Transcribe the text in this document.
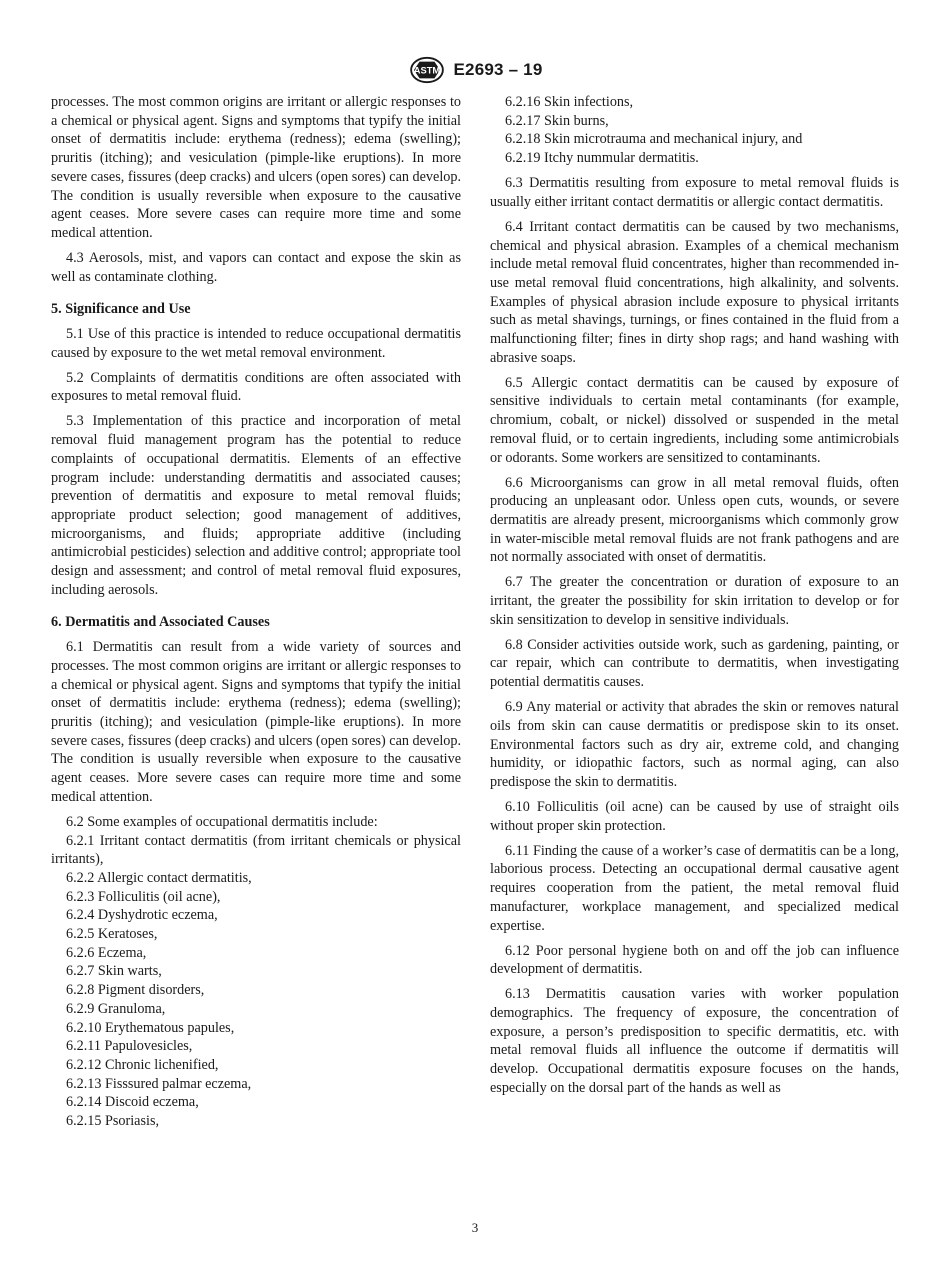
ASTM E2693 – 19

processes. The most common origins are irritant or allergic responses to a chemical or physical agent. Signs and symptoms that typify the initial onset of dermatitis include: erythema (redness); edema (swelling); pruritis (itching); and vesiculation (pimple-like eruptions). In more severe cases, fissures (deep cracks) and ulcers (open sores) can develop. The condition is usually reversible when exposure to the causative agent ceases. More severe cases can require more time and some medical attention.

4.3 Aerosols, mist, and vapors can contact and expose the skin as well as contaminate clothing.

5. Significance and Use

5.1 Use of this practice is intended to reduce occupational dermatitis caused by exposure to the wet metal removal environment.

5.2 Complaints of dermatitis conditions are often associated with exposures to metal removal fluid.

5.3 Implementation of this practice and incorporation of metal removal fluid management program has the potential to reduce complaints of occupational dermatitis. Elements of an effective program include: understanding dermatitis and associated causes; prevention of dermatitis and exposure to metal removal fluids; appropriate product selection; good management of additives, microorganisms, and fluids; appropriate additive (including antimicrobial pesticides) selection and additive control; appropriate tool design and assessment; and control of metal removal fluid exposures, including aerosols.

6. Dermatitis and Associated Causes

6.1 Dermatitis can result from a wide variety of sources and processes. The most common origins are irritant or allergic responses to a chemical or physical agent. Signs and symptoms that typify the initial onset of dermatitis include: erythema (redness); edema (swelling); pruritis (itching); and vesiculation (pimple-like eruptions). In more severe cases, fissures (deep cracks) and ulcers (open sores) can develop. The condition is usually reversible when exposure to the causative agent ceases. More severe cases can require more time and some medical attention.

6.2 Some examples of occupational dermatitis include:
6.2.1 Irritant contact dermatitis (from irritant chemicals or physical irritants),
6.2.2 Allergic contact dermatitis,
6.2.3 Folliculitis (oil acne),
6.2.4 Dyshydrotic eczema,
6.2.5 Keratoses,
6.2.6 Eczema,
6.2.7 Skin warts,
6.2.8 Pigment disorders,
6.2.9 Granuloma,
6.2.10 Erythematous papules,
6.2.11 Papulovesicles,
6.2.12 Chronic lichenified,
6.2.13 Fisssured palmar eczema,
6.2.14 Discoid eczema,
6.2.15 Psoriasis,
6.2.16 Skin infections,
6.2.17 Skin burns,
6.2.18 Skin microtrauma and mechanical injury, and
6.2.19 Itchy nummular dermatitis.

6.3 Dermatitis resulting from exposure to metal removal fluids is usually either irritant contact dermatitis or allergic contact dermatitis.

6.4 Irritant contact dermatitis can be caused by two mechanisms, chemical and physical abrasion. Examples of a chemical mechanism include metal removal fluid concentrates, higher than recommended in-use metal removal fluid concentrations, high alkalinity, and solvents. Examples of physical abrasion include exposure to physical irritants such as metal shavings, turnings, or fines contained in the fluid from a malfunctioning filter; fines in dirty shop rags; and hand washing with abrasive soaps.

6.5 Allergic contact dermatitis can be caused by exposure of sensitive individuals to certain metal contaminants (for example, chromium, cobalt, or nickel) dissolved or suspended in the metal removal fluid, or to certain ingredients, including some antimicrobials or odorants. Some workers are sensitized to contaminants.

6.6 Microorganisms can grow in all metal removal fluids, often producing an unpleasant odor. Unless open cuts, wounds, or severe dermatitis are already present, microorganisms which commonly grow in water-miscible metal removal fluids are not frank pathogens and are not normally associated with onset of dermatitis.

6.7 The greater the concentration or duration of exposure to an irritant, the greater the possibility for skin irritation to develop or for skin sensitization to develop in sensitive individuals.

6.8 Consider activities outside work, such as gardening, painting, or car repair, which can contribute to dermatitis, when investigating potential dermatitis causes.

6.9 Any material or activity that abrades the skin or removes natural oils from skin can cause dermatitis or predispose skin to its onset. Environmental factors such as dry air, extreme cold, and changing humidity, or idiopathic factors, such as normal aging, can also predispose the skin to dermatitis.

6.10 Folliculitis (oil acne) can be caused by use of straight oils without proper skin protection.

6.11 Finding the cause of a worker’s case of dermatitis can be a long, laborious process. Detecting an occupational dermal causative agent requires cooperation from the patient, the metal removal fluid manufacturer, workplace management, and specialized medical expertise.

6.12 Poor personal hygiene both on and off the job can influence development of dermatitis.

6.13 Dermatitis causation varies with worker population demographics. The frequency of exposure, the concentration of exposure, a person’s predisposition to specific dermatitis, etc. with metal removal fluids all influence the outcome if dermatitis will develop. Occupational dermatitis exposure focuses on the hands, especially on the dorsal part of the hands as well as

3
